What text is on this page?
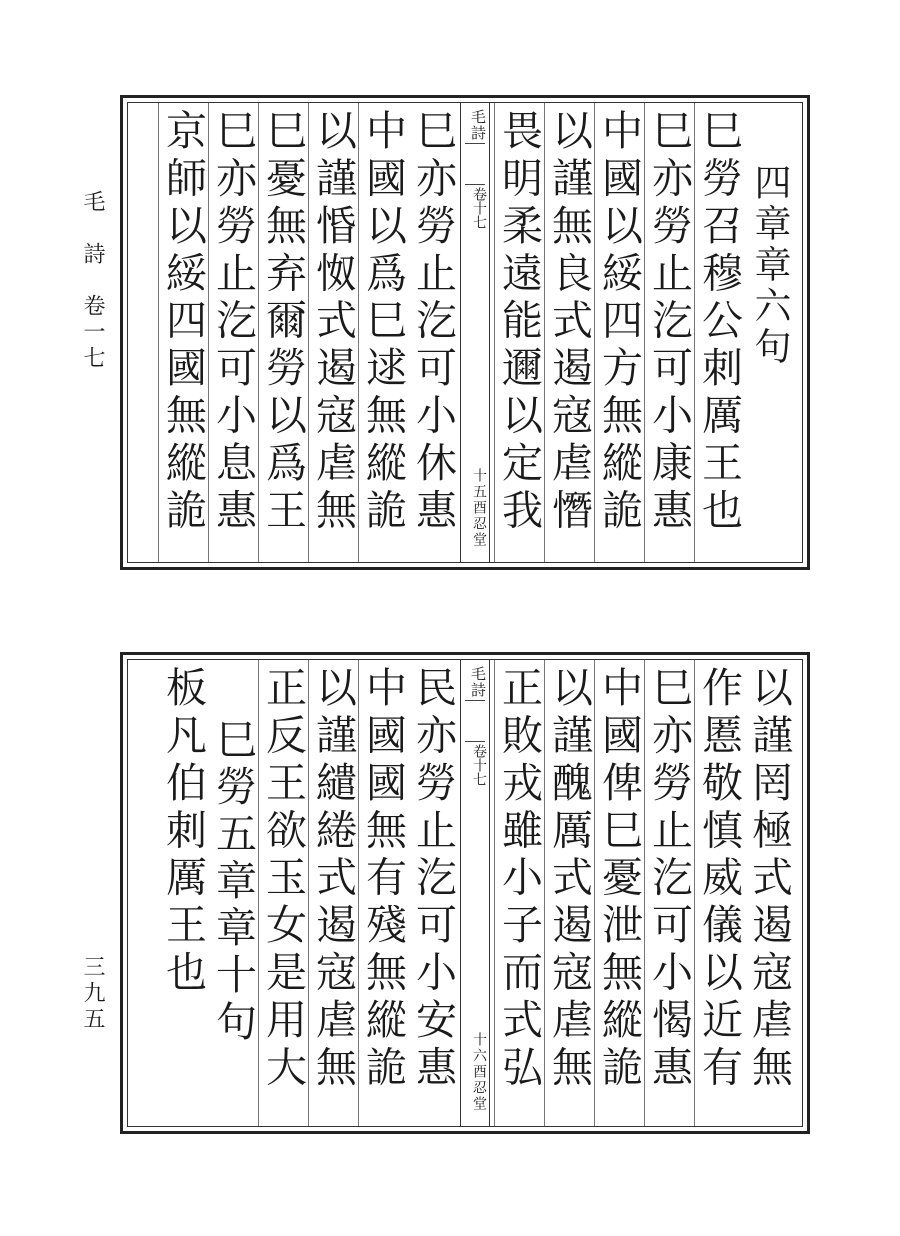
毛　詩　卷一七
三九五
四章章六句
巳勞召穆公刺厲王也
巳亦勞止汔可小康惠
中國以綏四方無縱詭
以謹無良式遏寇虐憯
畏明柔遠能邇以定我
毛詩
卷十七
十五酉忍堂
巳亦勞止汔可小休惠
中國以爲巳逑無縱詭
以謹惛怓式遏寇虐無
巳憂無弃爾勞以爲王
巳亦勞止汔可小息惠
京師以綏四國無縱詭
以謹罔極式遏寇虐無
作慝敬慎威儀以近有
巳亦勞止汔可小愒惠
中國俾巳憂泄無縱詭
以謹醜厲式遏寇虐無
正敗戎雖小子而式弘
毛詩
卷十七
十六酉忍堂
民亦勞止汔可小安惠
中國國無有殘無縱詭
以謹繾綣式遏寇虐無
正反王欲玉女是用大
巳勞五章章十句
板凡伯刺厲王也
